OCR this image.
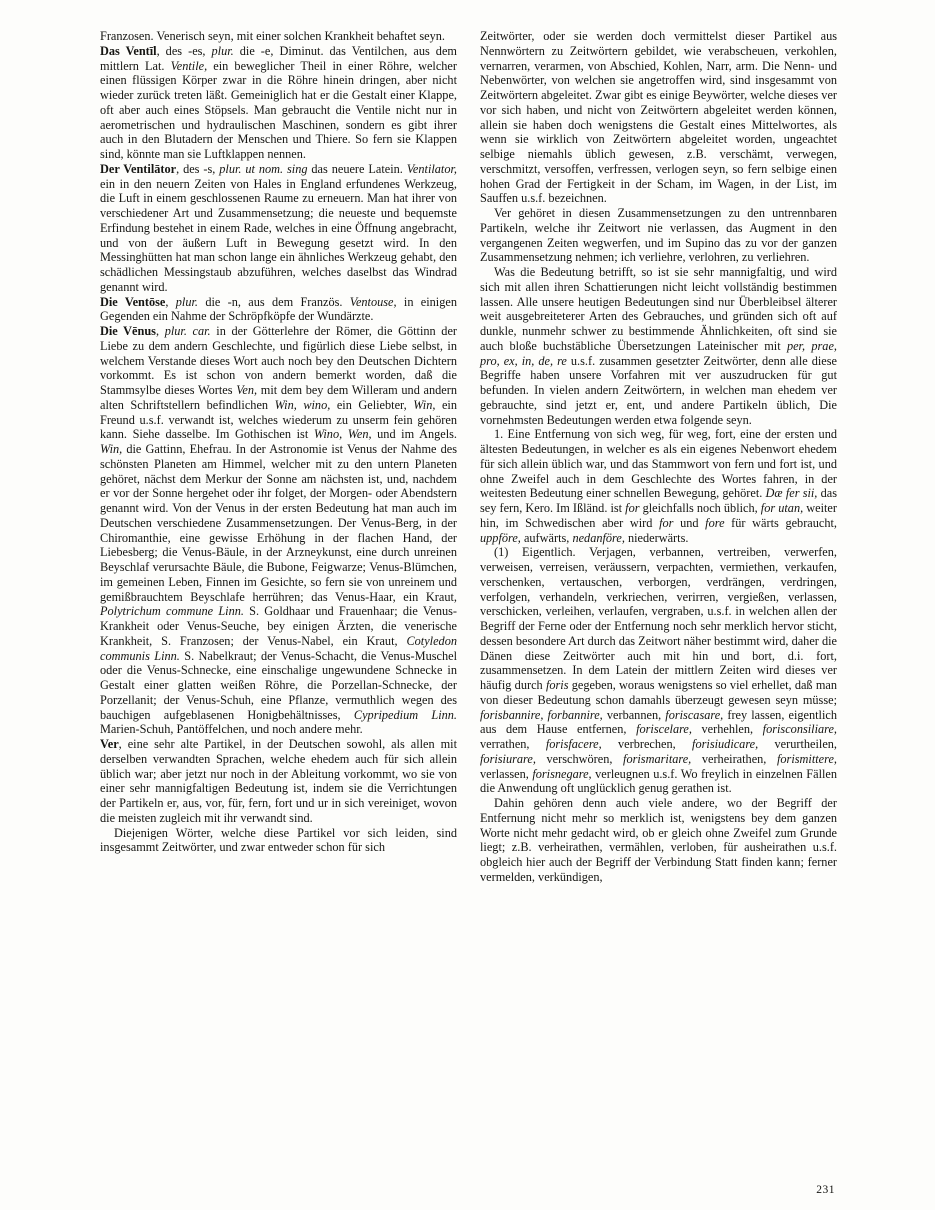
Franzosen. Venerisch seyn, mit einer solchen Krankheit behaftet seyn.

Das Ventīl, des -es, plur. die -e, Diminut. das Ventilchen, aus dem mittlern Lat. Ventile, ein beweglicher Theil in einer Röhre, welcher einen flüssigen Körper zwar in die Röhre hinein dringen, aber nicht wieder zurück treten läßt. Gemeiniglich hat er die Gestalt einer Klappe, oft aber auch eines Stöpsels. Man gebraucht die Ventile nicht nur in aerometrischen und hydraulischen Maschinen, sondern es gibt ihrer auch in den Blutadern der Menschen und Thiere. So fern sie Klappen sind, könnte man sie Luftklappen nennen.

Der Ventilātor, des -s, plur. ut nom. sing das neuere Latein. Ventilator, ein in den neuern Zeiten von Hales in England erfundenes Werkzeug, die Luft in einem geschlossenen Raume zu erneuern. Man hat ihrer von verschiedener Art und Zusammensetzung; die neueste und bequemste Erfindung bestehet in einem Rade, welches in eine Öffnung angebracht, und von der äußern Luft in Bewegung gesetzt wird. In den Messinghütten hat man schon lange ein ähnliches Werkzeug gehabt, den schädlichen Messingstaub abzuführen, welches daselbst das Windrad genannt wird.

Die Ventōse, plur. die -n, aus dem Französ. Ventouse, in einigen Gegenden ein Nahme der Schröpfköpfe der Wundärzte.

Die Vēnus, plur. car. in der Götterlehre der Römer, die Göttinn der Liebe zu dem andern Geschlechte, und figürlich diese Liebe selbst, in welchem Verstande dieses Wort auch noch bey den Deutschen Dichtern vorkommt. Es ist schon von andern bemerkt worden, daß die Stammsylbe dieses Wortes Ven, mit dem bey dem Willeram und andern alten Schriftstellern befindlichen Win, wino, ein Geliebter, Win, ein Freund u.s.f. verwandt ist, welches wiederum zu unserm fein gehören kann. Siehe dasselbe. Im Gothischen ist Wino, Wen, und im Angels. Win, die Gattinn, Ehefrau. In der Astronomie ist Venus der Nahme des schönsten Planeten am Himmel, welcher mit zu den untern Planeten gehöret, nächst dem Merkur der Sonne am nächsten ist, und, nachdem er vor der Sonne hergehet oder ihr folget, der Morgen- oder Abendstern genannt wird. Von der Venus in der ersten Bedeutung hat man auch im Deutschen verschiedene Zusammensetzungen. Der Venus-Berg, in der Chiromanthie, eine gewisse Erhöhung in der flachen Hand, der Liebesberg; die Venus-Bäule, in der Arzneykunst, eine durch unreinen Beyschlaf verursachte Bäule, die Bubone, Feigwarze; Venus-Blümchen, im gemeinen Leben, Finnen im Gesichte, so fern sie von unreinem und gemißbrauchtem Beyschlafe herrühren; das Venus-Haar, ein Kraut, Polytrichum commune Linn. S. Goldhaar und Frauenhaar; die Venus-Krankheit oder Venus-Seuche, bey einigen Ärzten, die venerische Krankheit, S. Franzosen; der Venus-Nabel, ein Kraut, Cotyledon communis Linn. S. Nabelkraut; der Venus-Schacht, die Venus-Muschel oder die Venus-Schnecke, eine einschalige ungewundene Schnecke in Gestalt einer glatten weißen Röhre, die Porzellan-Schnecke, der Porzellanit; der Venus-Schuh, eine Pflanze, vermuthlich wegen des bauchigen aufgeblasenen Honigbehältnisses, Cypripedium Linn. Marien-Schuh, Pantöffelchen, und noch andere mehr.

Ver, eine sehr alte Partikel, in der Deutschen sowohl, als allen mit derselben verwandten Sprachen, welche ehedem auch für sich allein üblich war; aber jetzt nur noch in der Ableitung vorkommt, wo sie von einer sehr mannigfaltigen Bedeutung ist, indem sie die Verrichtungen der Partikeln er, aus, vor, für, fern, fort und ur in sich vereiniget, wovon die meisten zugleich mit ihr verwandt sind.

Diejenigen Wörter, welche diese Partikel vor sich leiden, sind insgesammt Zeitwörter, und zwar entweder schon für sich

Zeitwörter, oder sie werden doch vermittelst dieser Partikel aus Nennwörtern zu Zeitwörtern gebildet, wie verabscheuen, verkohlen, vernarren, verarmen, von Abschied, Kohlen, Narr, arm. Die Nenn- und Nebenwörter, von welchen sie angetroffen wird, sind insgesammt von Zeitwörtern abgeleitet. Zwar gibt es einige Beywörter, welche dieses ver vor sich haben, und nicht von Zeitwörtern abgeleitet werden können, allein sie haben doch wenigstens die Gestalt eines Mittelwortes, als wenn sie wirklich von Zeitwörtern abgeleitet worden, ungeachtet selbige niemahls üblich gewesen, z.B. verschämt, verwegen, verschmitzt, versoffen, verfressen, verlogen seyn, so fern selbige einen hohen Grad der Fertigkeit in der Scham, im Wagen, in der List, im Sauffen u.s.f. bezeichnen.

Ver gehöret in diesen Zusammensetzungen zu den untrennbaren Partikeln, welche ihr Zeitwort nie verlassen, das Augment in den vergangenen Zeiten wegwerfen, und im Supino das zu vor der ganzen Zusammensetzung nehmen; ich verliehre, verlohren, zu verliehren.

Was die Bedeutung betrifft, so ist sie sehr mannigfaltig, und wird sich mit allen ihren Schattierungen nicht leicht vollständig bestimmen lassen. Alle unsere heutigen Bedeutungen sind nur Überbleibsel älterer weit ausgebreiteterer Arten des Gebrauches, und gründen sich oft auf dunkle, nunmehr schwer zu bestimmende Ähnlichkeiten, oft sind sie auch bloße buchstäbliche Übersetzungen Lateinischer mit per, prae, pro, ex, in, de, re u.s.f. zusammen gesetzter Zeitwörter, denn alle diese Begriffe haben unsere Vorfahren mit ver auszudrucken für gut befunden. In vielen andern Zeitwörtern, in welchen man ehedem ver gebrauchte, sind jetzt er, ent, und andere Partikeln üblich, Die vornehmsten Bedeutungen werden etwa folgende seyn.

1. Eine Entfernung von sich weg, für weg, fort, eine der ersten und ältesten Bedeutungen, in welcher es als ein eigenes Nebenwort ehedem für sich allein üblich war, und das Stammwort von fern und fort ist, und ohne Zweifel auch in dem Geschlechte des Wortes fahren, in der weitesten Bedeutung einer schnellen Bewegung, gehöret. Dæ fer sii, das sey fern, Kero. Im Ißländ. ist for gleichfalls noch üblich, for utan, weiter hin, im Schwedischen aber wird for und fore für wärts gebraucht, uppföre, aufwärts, nedanföre, niederwärts.

(1) Eigentlich. Verjagen, verbannen, vertreiben, verwerfen, verweisen, verreisen, veräussern, verpachten, vermiethen, verkaufen, verschenken, vertauschen, verborgen, verdrängen, verdringen, verfolgen, verhandeln, verkriechen, verirren, vergießen, verlassen, verschicken, verleihen, verlaufen, vergraben, u.s.f. in welchen allen der Begriff der Ferne oder der Entfernung noch sehr merklich hervor sticht, dessen besondere Art durch das Zeitwort näher bestimmt wird, daher die Dänen diese Zeitwörter auch mit hin und bort, d.i. fort, zusammensetzen. In dem Latein der mittlern Zeiten wird dieses ver häufig durch foris gegeben, woraus wenigstens so viel erhellet, daß man von dieser Bedeutung schon damahls überzeugt gewesen seyn müsse; forisbannire, forbannire, verbannen, foriscasare, frey lassen, eigentlich aus dem Hause entfernen, foriscelare, verhehlen, forisconsiliare, verrathen, forisfacere, verbrechen, forisiudicare, verurtheilen, forisiurare, verschwören, forismaritare, verheirathen, forismittere, verlassen, forisnegare, verleugnen u.s.f. Wo freylich in einzelnen Fällen die Anwendung oft unglücklich genug gerathen ist.

Dahin gehören denn auch viele andere, wo der Begriff der Entfernung nicht mehr so merklich ist, wenigstens bey dem ganzen Worte nicht mehr gedacht wird, ob er gleich ohne Zweifel zum Grunde liegt; z.B. verheirathen, vermählen, verloben, für ausheirathen u.s.f. obgleich hier auch der Begriff der Verbindung Statt finden kann; ferner vermelden, verkündigen,

231
